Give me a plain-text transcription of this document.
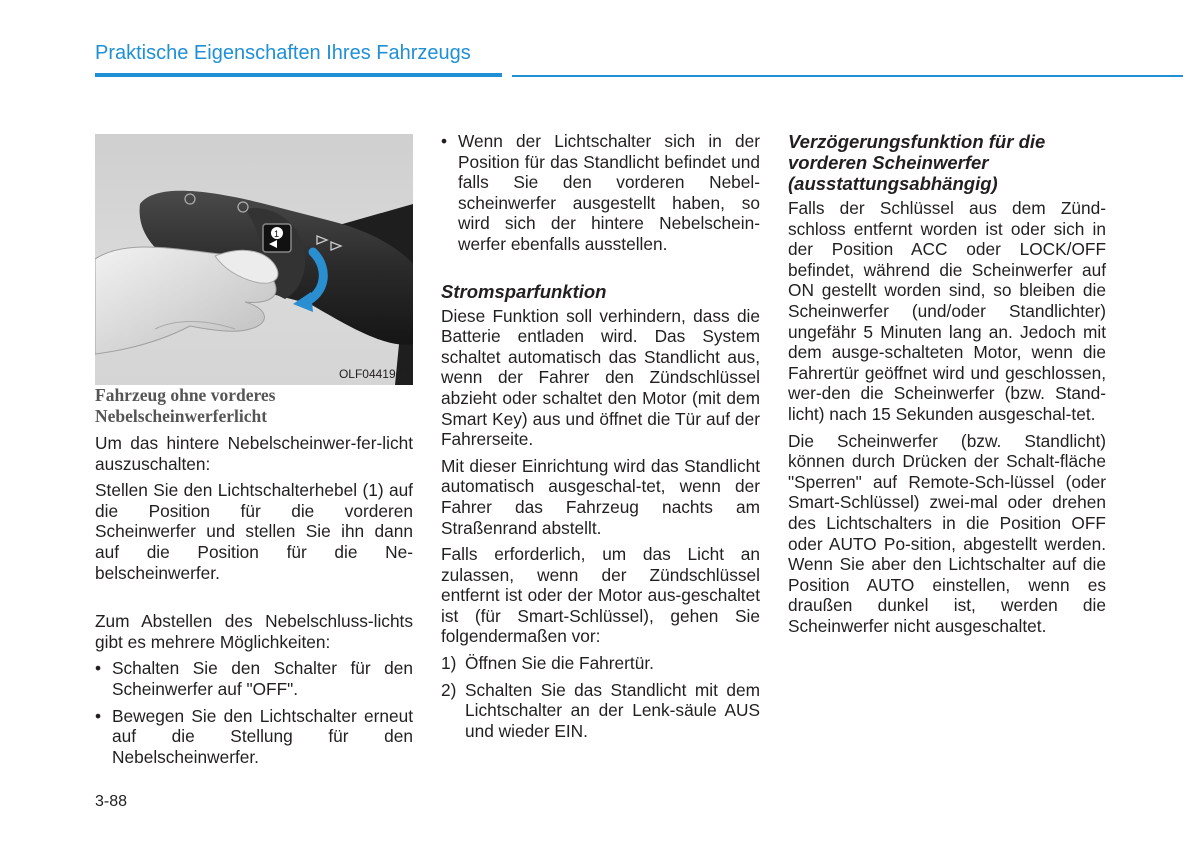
Praktische Eigenschaften Ihres Fahrzeugs
1
OLF044195L
Fahrzeug ohne vorderes
Nebelscheinwerferlicht

Um das hintere Nebelscheinwer-fer-licht auszuschalten:

Stellen Sie den Lichtschalterhebel (1) auf die Position für die vorderen Scheinwerfer und stellen Sie ihn dann auf die Position für die Ne-belscheinwerfer.

Zum Abstellen des Nebelschluss-lichts gibt es mehrere Möglichkeiten:

• Schalten Sie den Schalter für den Scheinwerfer auf "OFF".
• Bewegen Sie den Lichtschalter erneut auf die Stellung für den Nebelscheinwerfer.
• Wenn der Lichtschalter sich in der Position für das Standlicht befindet und falls Sie den vorderen Nebel-scheinwerfer ausgestellt haben, so wird sich der hintere Nebelschein-werfer ebenfalls ausstellen.
Stromsparfunktion

Diese Funktion soll verhindern, dass die Batterie entladen wird. Das System schaltet automatisch das Standlicht aus, wenn der Fahrer den Zündschlüssel abzieht oder schaltet den Motor (mit dem Smart Key) aus und öffnet die Tür auf der Fahrerseite.

Mit dieser Einrichtung wird das Standlicht automatisch ausgeschal-tet, wenn der Fahrer das Fahrzeug nachts am Straßenrand abstellt.

Falls erforderlich, um das Licht an zulassen, wenn der Zündschlüssel entfernt ist oder der Motor aus-geschaltet ist (für Smart-Schlüssel), gehen Sie folgendermaßen vor:

1) Öffnen Sie die Fahrertür.
2) Schalten Sie das Standlicht mit dem Lichtschalter an der Lenk-säule AUS und wieder EIN.
Verzögerungsfunktion für die
vorderen Scheinwerfer
(ausstattungsabhängig)

Falls der Schlüssel aus dem Zünd-schloss entfernt worden ist oder sich in der Position ACC oder LOCK/OFF befindet, während die Scheinwerfer auf ON gestellt worden sind, so bleiben die Scheinwerfer (und/oder Standlichter) ungefähr 5 Minuten lang an. Jedoch mit dem ausge-schalteten Motor, wenn die Fahrertür geöffnet wird und geschlossen, wer-den die Scheinwerfer (bzw. Stand-licht) nach 15 Sekunden ausgeschal-tet.

Die Scheinwerfer (bzw. Standlicht) können durch Drücken der Schalt-fläche "Sperren" auf Remote-Sch-lüssel (oder Smart-Schlüssel) zwei-mal oder drehen des Lichtschalters in die Position OFF oder AUTO Po-sition, abgestellt werden. Wenn Sie aber den Lichtschalter auf die Position AUTO einstellen, wenn es draußen dunkel ist, werden die Scheinwerfer nicht ausgeschaltet.

3-88
